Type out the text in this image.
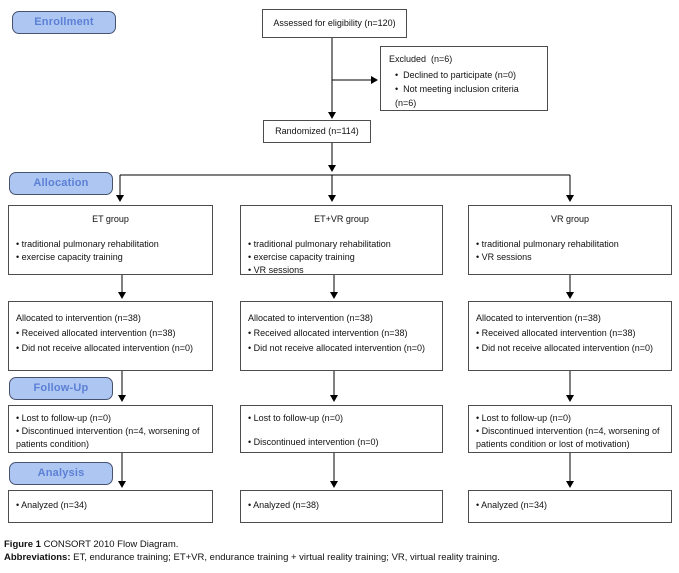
Enrollment
Allocation
Follow-Up
Analysis
Assessed for eligibility (n=120)
Excluded  (n=6)
•  Declined to participate (n=0)
•  Not meeting inclusion criteria (n=6)
Randomized (n=114)
ET group
• traditional pulmonary rehabilitation
• exercise capacity training
ET+VR group
• traditional pulmonary rehabilitation
• exercise capacity training
• VR sessions
VR group
• traditional pulmonary rehabilitation
• VR sessions
Allocated to intervention (n=38)
• Received allocated intervention (n=38)
• Did not receive allocated intervention (n=0)
Allocated to intervention (n=38)
• Received allocated intervention (n=38)
• Did not receive allocated intervention (n=0)
Allocated to intervention (n=38)
• Received allocated intervention (n=38)
• Did not receive allocated intervention (n=0)
• Lost to follow-up (n=0)
• Discontinued intervention (n=4, worsening of patients condition)
• Lost to follow-up (n=0)
• Discontinued intervention (n=0)
• Lost to follow-up (n=0)
• Discontinued intervention (n=4, worsening of patients condition or lost of motivation)
• Analyzed (n=34)	• Analyzed (n=38)	• Analyzed (n=34)
Figure 1 CONSORT 2010 Flow Diagram.
Abbreviations: ET, endurance training; ET+VR, endurance training + virtual reality training; VR, virtual reality training.
